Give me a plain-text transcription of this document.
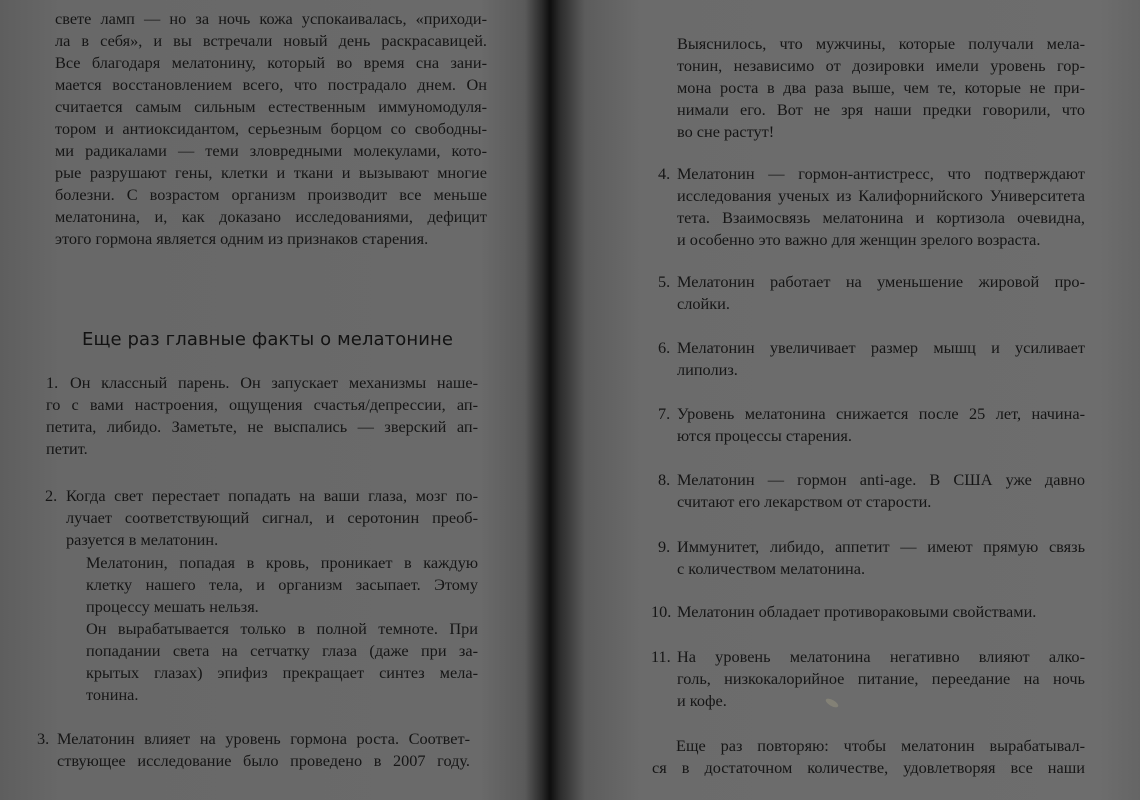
свете ламп — но за ночь кожа успокаивалась, «приходи-
ла в себя», и вы встречали новый день раскрасавицей.
Все благодаря мелатонину, который во время сна зани-
мается восстановлением всего, что пострадало днем. Он
считается самым сильным естественным иммуномодуля-
тором и антиоксидантом, серьезным борцом со свободны-
ми радикалами — теми зловредными молекулами, кото-
рые разрушают гены, клетки и ткани и вызывают многие
болезни. С возрастом организм производит все меньше
мелатонина, и, как доказано исследованиями, дефицит
этого гормона является одним из признаков старения.
Еще раз главные факты о мелатонине
1. Он классный парень. Он запускает механизмы наше-
го с вами настроения, ощущения счастья/депрессии, ап-
петита, либидо. Заметьте, не выспались — зверский ап-
петит.
2. Когда свет перестает попадать на ваши глаза, мозг по-
лучает соответствующий сигнал, и серотонин преоб-
разуется в мелатонин.
Мелатонин, попадая в кровь, проникает в каждую
клетку нашего тела, и организм засыпает. Этому
процессу мешать нельзя.
Он вырабатывается только в полной темноте. При
попадании света на сетчатку глаза (даже при за-
крытых глазах) эпифиз прекращает синтез мела-
тонина.
3. Мелатонин влияет на уровень гормона роста. Соответ-
ствующее исследование было проведено в 2007 году.
Выяснилось, что мужчины, которые получали мела-
тонин, независимо от дозировки имели уровень гор-
мона роста в два раза выше, чем те, которые не при-
нимали его. Вот не зря наши предки говорили, что
во сне растут!
4. Мелатонин — гормон-антистресс, что подтверждают
исследования ученых из Калифорнийского Университета
тета. Взаимосвязь мелатонина и кортизола очевидна,
и особенно это важно для женщин зрелого возраста.
5. Мелатонин работает на уменьшение жировой про-
слойки.
6. Мелатонин увеличивает размер мышц и усиливает
липолиз.
7. Уровень мелатонина снижается после 25 лет, начина-
ются процессы старения.
8. Мелатонин — гормон anti-age. В США уже давно
считают его лекарством от старости.
9. Иммунитет, либидо, аппетит — имеют прямую связь
с количеством мелатонина.
10. Мелатонин обладает противораковыми свойствами.
11. На уровень мелатонина негативно влияют алко-
голь, низкокалорийное питание, переедание на ночь
и кофе.
Еще раз повторяю: чтобы мелатонин вырабатывал-
ся в достаточном количестве, удовлетворяя все наши
